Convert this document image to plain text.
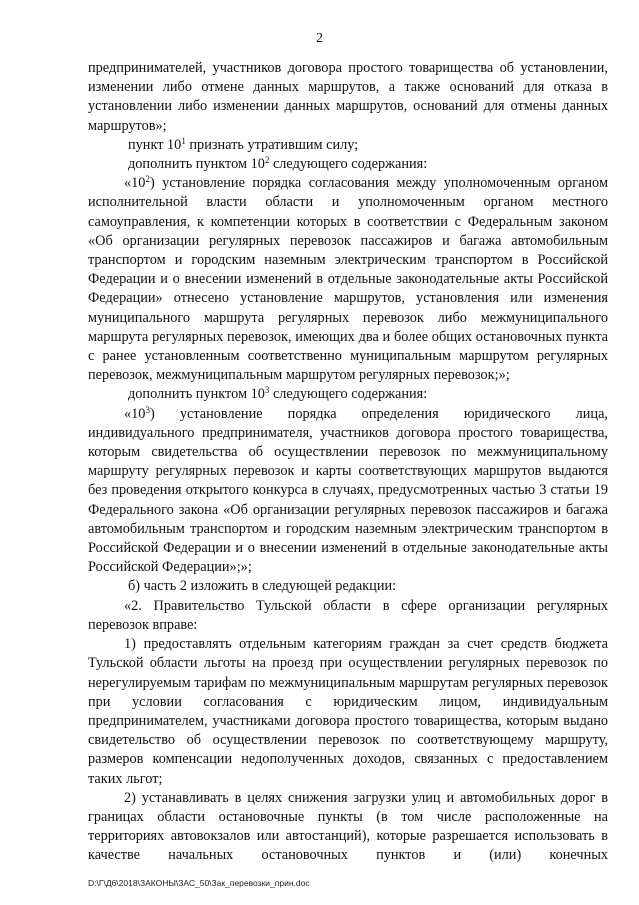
2

предпринимателей, участников договора простого товарищества об установлении, изменении либо отмене данных маршрутов, а также оснований для отказа в установлении либо изменении данных маршрутов, оснований для отмены данных маршрутов»;

пункт $10^1$ признать утратившим силу;

дополнить пунктом $10^2$ следующего содержания:

«$10^2$) установление порядка согласования между уполномоченным органом исполнительной власти области и уполномоченным органом местного самоуправления, к компетенции которых в соответствии с Федеральным законом «Об организации регулярных перевозок пассажиров и багажа автомобильным транспортом и городским наземным электрическим транспортом в Российской Федерации и о внесении изменений в отдельные законодательные акты Российской Федерации» отнесено установление маршрутов, установления или изменения муниципального маршрута регулярных перевозок либо межмуниципального маршрута регулярных перевозок, имеющих два и более общих остановочных пункта с ранее установленным соответственно муниципальным маршрутом регулярных перевозок, межмуниципальным маршрутом регулярных перевозок;»;

дополнить пунктом $10^3$ следующего содержания:

«$10^3$) установление порядка определения юридического лица, индивидуального предпринимателя, участников договора простого товарищества, которым свидетельства об осуществлении перевозок по межмуниципальному маршруту регулярных перевозок и карты соответствующих маршрутов выдаются без проведения открытого конкурса в случаях, предусмотренных частью 3 статьи 19 Федерального закона «Об организации регулярных перевозок пассажиров и багажа автомобильным транспортом и городским наземным электрическим транспортом в Российской Федерации и о внесении изменений в отдельные законодательные акты Российской Федерации»;»;

б) часть 2 изложить в следующей редакции:

«2. Правительство Тульской области в сфере организации регулярных перевозок вправе:

1) предоставлять отдельным категориям граждан за счет средств бюджета Тульской области льготы на проезд при осуществлении регулярных перевозок по нерегулируемым тарифам по межмуниципальным маршрутам регулярных перевозок при условии согласования с юридическим лицом, индивидуальным предпринимателем, участниками договора простого товарищества, которым выдано свидетельство об осуществлении перевозок по соответствующему маршруту, размеров компенсации недополученных доходов, связанных с предоставлением таких льгот;

2) устанавливать в целях снижения загрузки улиц и автомобильных дорог в границах области остановочные пункты (в том числе расположенные на территориях автовокзалов или автостанций), которые разрешается использовать в качестве начальных остановочных пунктов и (или) конечных

D:\Г\Д6\2018\ЗАКОНЫ\ЗАС_50\Зак_перевозки_прин.doc
